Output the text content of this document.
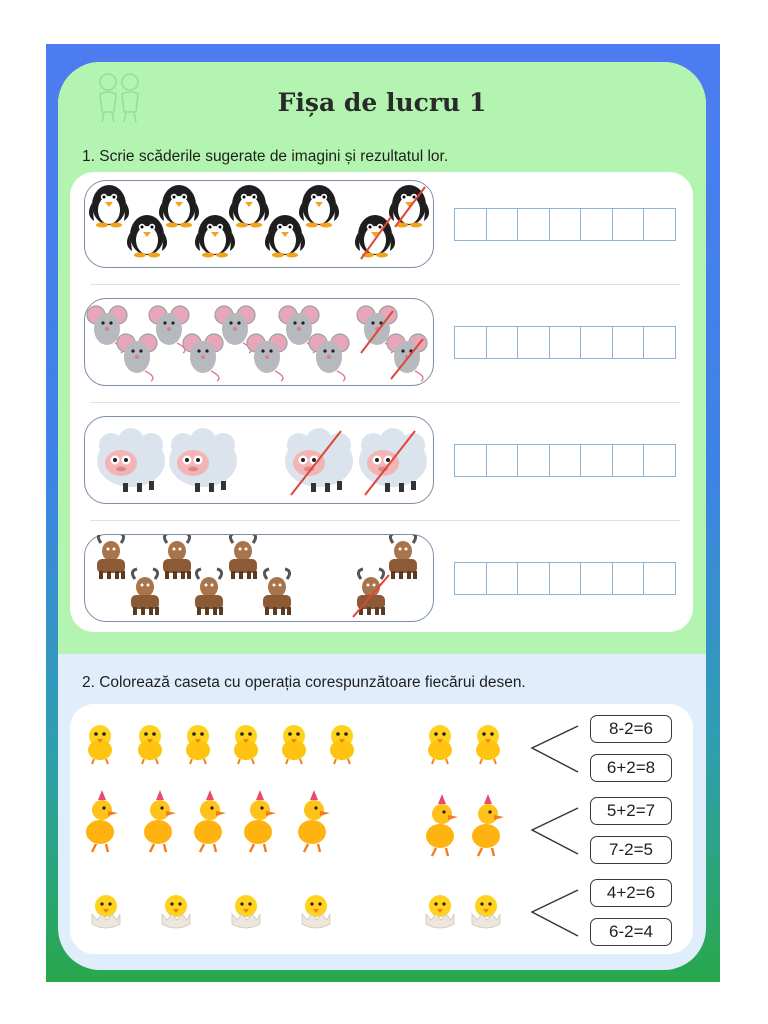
Fișa de lucru 1
1. Scrie scăderile sugerate de imagini și rezultatul lor.
2. Colorează caseta cu operația corespunzătoare fiecărui desen.
8-2=6
6+2=8
5+2=7
7-2=5
4+2=6
6-2=4
